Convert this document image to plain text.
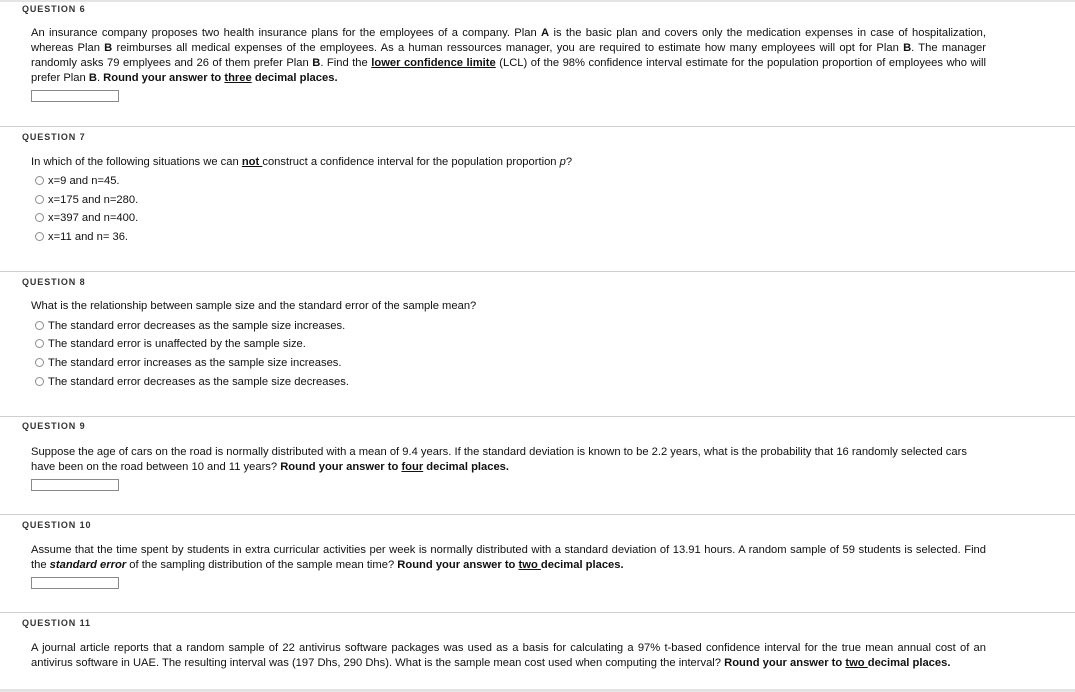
QUESTION 6
An insurance company proposes two health insurance plans for the employees of a company. Plan A is the basic plan and covers only the medication expenses in case of hospitalization, whereas Plan B reimburses all medical expenses of the employees. As a human ressources manager, you are required to estimate how many employees will opt for Plan B. The manager randomly asks 79 emplyees and 26 of them prefer Plan B. Find the lower confidence limite (LCL) of the 98% confidence interval estimate for the population proportion of employees who will prefer Plan B. Round your answer to three decimal places.
QUESTION 7
In which of the following situations we can not construct a confidence interval for the population proportion p?
x=9 and n=45.
x=175 and n=280.
x=397 and n=400.
x=11 and n= 36.
QUESTION 8
What is the relationship between sample size and the standard error of the sample mean?
The standard error decreases as the sample size increases.
The standard error is unaffected by the sample size.
The standard error increases as the sample size increases.
The standard error decreases as the sample size decreases.
QUESTION 9
Suppose the age of cars on the road is normally distributed with a mean of 9.4 years. If the standard deviation is known to be 2.2 years, what is the probability that 16 randomly selected cars have been on the road between 10 and 11 years? Round your answer to four decimal places.
QUESTION 10
Assume that the time spent by students in extra curricular activities per week is normally distributed with a standard deviation of 13.91 hours. A random sample of 59 students is selected. Find the standard error of the sampling distribution of the sample mean time? Round your answer to two decimal places.
QUESTION 11
A journal article reports that a random sample of 22 antivirus software packages was used as a basis for calculating a 97% t-based confidence interval for the true mean annual cost of an antivirus software in UAE. The resulting interval was (197 Dhs, 290 Dhs). What is the sample mean cost used when computing the interval? Round your answer to two decimal places.
